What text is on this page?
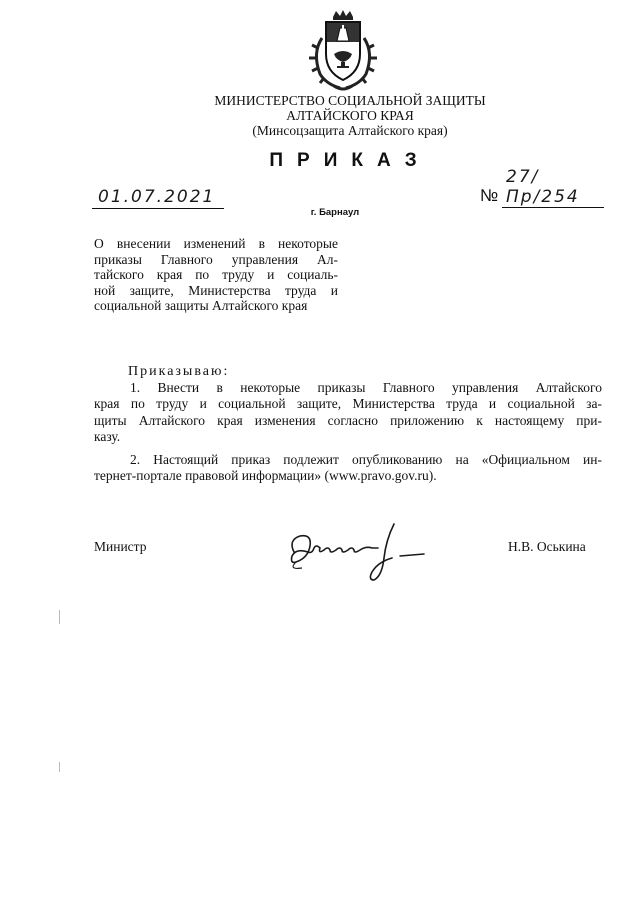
МИНИСТЕРСТВО СОЦИАЛЬНОЙ ЗАЩИТЫ
АЛТАЙСКОГО КРАЯ
(Минсоцзащита Алтайского края)
ПРИКАЗ
01.07.2021	№
27/Пр/254
г. Барнаул
О внесении изменений в некоторые
приказы Главного управления Ал-
тайского края по труду и социаль-
ной защите, Министерства труда и
социальной защиты Алтайского края
Приказываю:
1. Внести в некоторые приказы Главного управления Алтайского
края по труду и социальной защите, Министерства труда и социальной за-
щиты Алтайского края изменения согласно приложению к настоящему при-
казу.
2. Настоящий приказ подлежит опубликованию на «Официальном ин-
тернет-портале правовой информации» (www.pravo.gov.ru).
Министр	Н.В. Оськина
